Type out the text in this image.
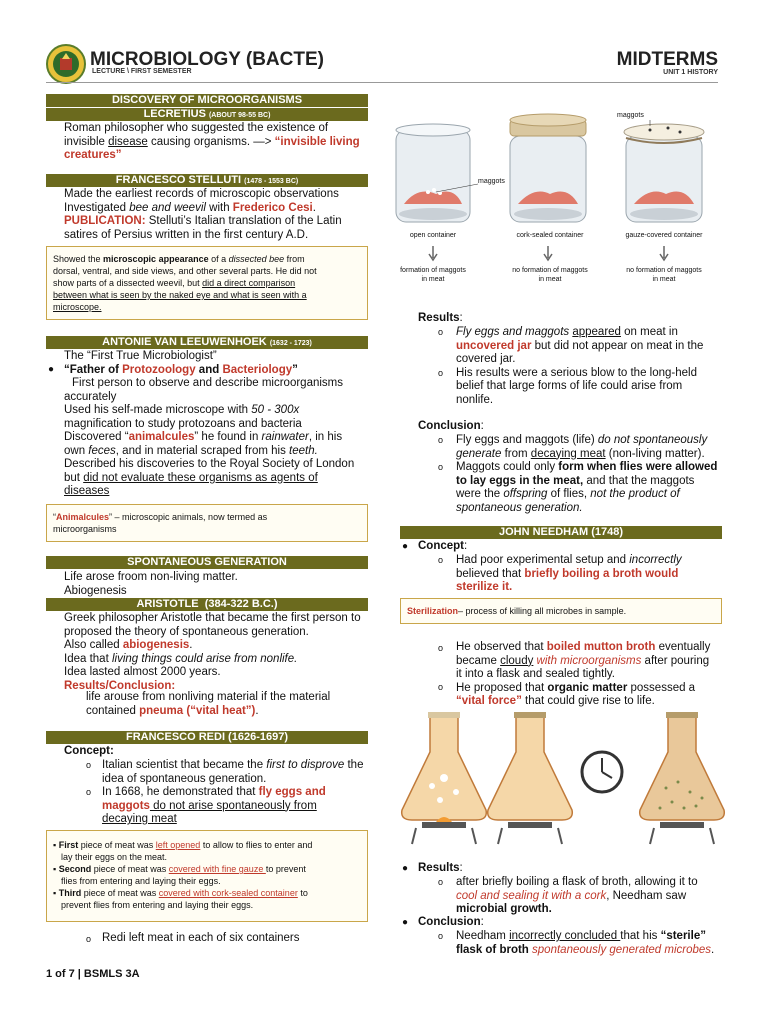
MICROBIOLOGY (BACTE)
LECTURE \ FIRST SEMESTER
MIDTERMS
UNIT 1 HISTORY
DISCOVERY OF MICROORGANISMS
LECRETIUS (ABOUT 98-55 BC)
Roman philosopher who suggested the existence of
invisible disease causing organisms. —> “invisible living
creatures”
FRANCESCO STELLUTI (1478 - 1553 BC)
Made the earliest records of microscopic observations
Investigated bee and weevil with Frederico Cesi.
PUBLICATION: Stelluti’s Italian translation of the Latin
satires of Persius written in the first century A.D.
Showed the microscopic appearance of a dissected bee from
dorsal, ventral, and side views, and other several parts. He did not
show parts of a dissected weevil, but did a direct comparison
between what is seen by the naked eye and what is seen with a
microscope.
ANTONIE VAN LEEUWENHOEK (1632 - 1723)
The “First True Microbiologist”
“Father of Protozoology and Bacteriology”
First person to observe and describe microorganisms
accurately
Used his self-made microscope with 50 - 300x
magnification to study protozoans and bacteria
Discovered “animalcules” he found in rainwater, in his
own feces, and in material scraped from his teeth.
Described his discoveries to the Royal Society of London
but did not evaluate these organisms as agents of
diseases
●
“Animalcules” – microscopic animals, now termed as
microorganisms
SPONTANEOUS GENERATION
Life arose froom non-living matter.
Abiogenesis
ARISTOTLE (384-322 B.C.)
Greek philosopher Aristotle that became the first person to
proposed the theory of spontaneous generation.
Also called abiogenesis.
Idea that living things could arise from nonlife.
Idea lasted almost 2000 years.
Results/Conclusion:
life arouse from nonliving material if the material
contained pneuma (“vital heat”).
FRANCESCO REDI (1626-1697)
Concept:
Italian scientist that became the first to disprove the
idea of spontaneous generation.
In 1668, he demonstrated that fly eggs and
maggots do not arise spontaneously from
decaying meat
o
o
▪ First piece of meat was left opened to allow to flies to enter and
lay their eggs on the meat.
▪ Second piece of meat was covered with fine gauze to prevent
flies from entering and laying their eggs.
▪ Third piece of meat was covered with cork-sealed container to
prevent flies from entering and laying their eggs.
o Redi left meat in each of six containers
maggots
maggots
open container	cork-sealed container	gauze-covered container
formation of maggots
in meat
no formation of maggots
in meat
no formation of maggots
in meat
Results:
Fly eggs and maggots appeared on meat in
uncovered jar but did not appear on meat in the
covered jar.
His results were a serious blow to the long-held
belief that large forms of life could arise from
nonlife.
o
o
Conclusion:
Fly eggs and maggots (life) do not spontaneously
generate from decaying meat (non-living matter).
Maggots could only form when flies were allowed
to lay eggs in the meat, and that the maggots
were the offspring of flies, not the product of
spontaneous generation.
o
o
JOHN NEEDHAM (1748)
● Concept:
Had poor experimental setup and incorrectly
believed that briefly boiling a broth would
sterilize it.
o
Sterilization– process of killing all microbes in sample.
He observed that boiled mutton broth eventually
became cloudy with microorganisms after pouring
it into a flask and sealed tightly.
He proposed that organic matter possessed a
“vital force” that could give rise to life.
o
o
● Results:
after briefly boiling a flask of broth, allowing it to
cool and sealing it with a cork, Needham saw
microbial growth.
o
● Conclusion:
Needham incorrectly concluded that his “sterile”
flask of broth spontaneously generated microbes.
o
1 of 7 | BSMLS 3A
